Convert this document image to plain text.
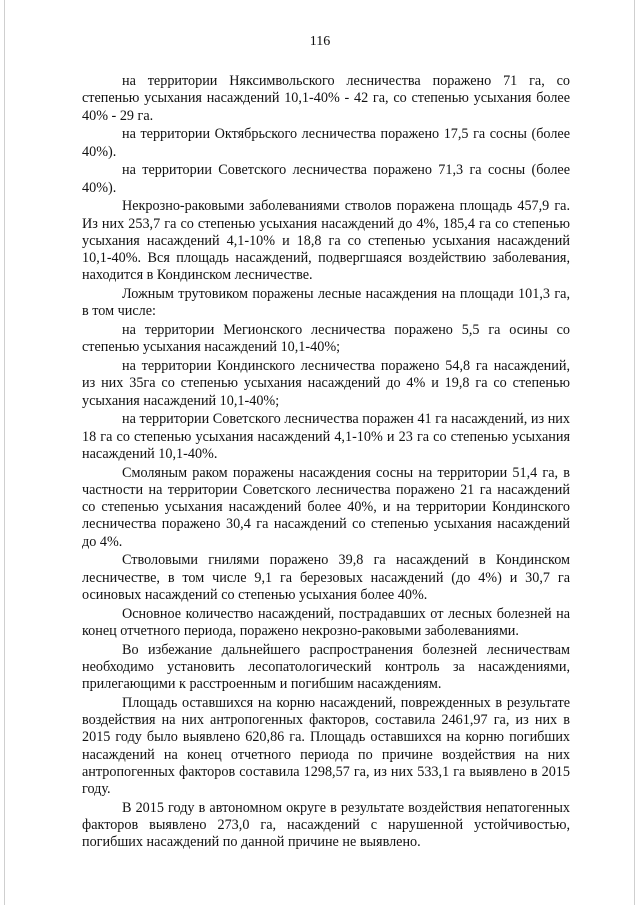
116

на территории Няксимвольского лесничества поражено 71 га, со степенью усыхания насаждений 10,1-40% - 42 га, со степенью усыхания более 40% - 29 га.

на территории Октябрьского лесничества поражено 17,5 га сосны (более 40%).

на территории Советского лесничества поражено 71,3 га сосны (более 40%).

Некрозно-раковыми заболеваниями стволов поражена площадь 457,9 га. Из них 253,7 га со степенью усыхания насаждений до 4%, 185,4 га со степенью усыхания насаждений 4,1-10% и 18,8 га со степенью усыхания насаждений 10,1-40%. Вся площадь насаждений, подвергшаяся воздействию заболевания, находится в Кондинском лесничестве.

Ложным трутовиком поражены лесные насаждения на площади 101,3 га, в том числе:

на территории Мегионского лесничества поражено 5,5 га осины со степенью усыхания насаждений 10,1-40%;

на территории Кондинского лесничества поражено 54,8 га насаждений, из них 35га со степенью усыхания насаждений до 4% и 19,8 га со степенью усыхания насаждений 10,1-40%;

на территории Советского лесничества поражен 41 га насаждений, из них 18 га со степенью усыхания насаждений 4,1-10% и 23 га со степенью усыхания насаждений 10,1-40%.

Смоляным раком поражены насаждения сосны на территории 51,4 га, в частности на территории Советского лесничества поражено 21 га насаждений со степенью усыхания насаждений более 40%, и на территории Кондинского лесничества поражено 30,4 га насаждений со степенью усыхания насаждений до 4%.

Стволовыми гнилями поражено 39,8 га насаждений в Кондинском лесничестве, в том числе 9,1 га березовых насаждений (до 4%) и 30,7 га осиновых насаждений со степенью усыхания более 40%.

Основное количество насаждений, пострадавших от лесных болезней на конец отчетного периода, поражено некрозно-раковыми заболеваниями.

Во избежание дальнейшего распространения болезней лесничествам необходимо установить лесопатологический контроль за насаждениями, прилегающими к расстроенным и погибшим насаждениям.

Площадь оставшихся на корню насаждений, поврежденных в результате воздействия на них антропогенных факторов, составила 2461,97 га, из них в 2015 году было выявлено 620,86 га. Площадь оставшихся на корню погибших насаждений на конец отчетного периода по причине воздействия на них антропогенных факторов составила 1298,57 га, из них 533,1 га выявлено в 2015 году.

В 2015 году в автономном округе в результате воздействия непатогенных факторов выявлено 273,0 га, насаждений с нарушенной устойчивостью, погибших насаждений по данной причине не выявлено.
